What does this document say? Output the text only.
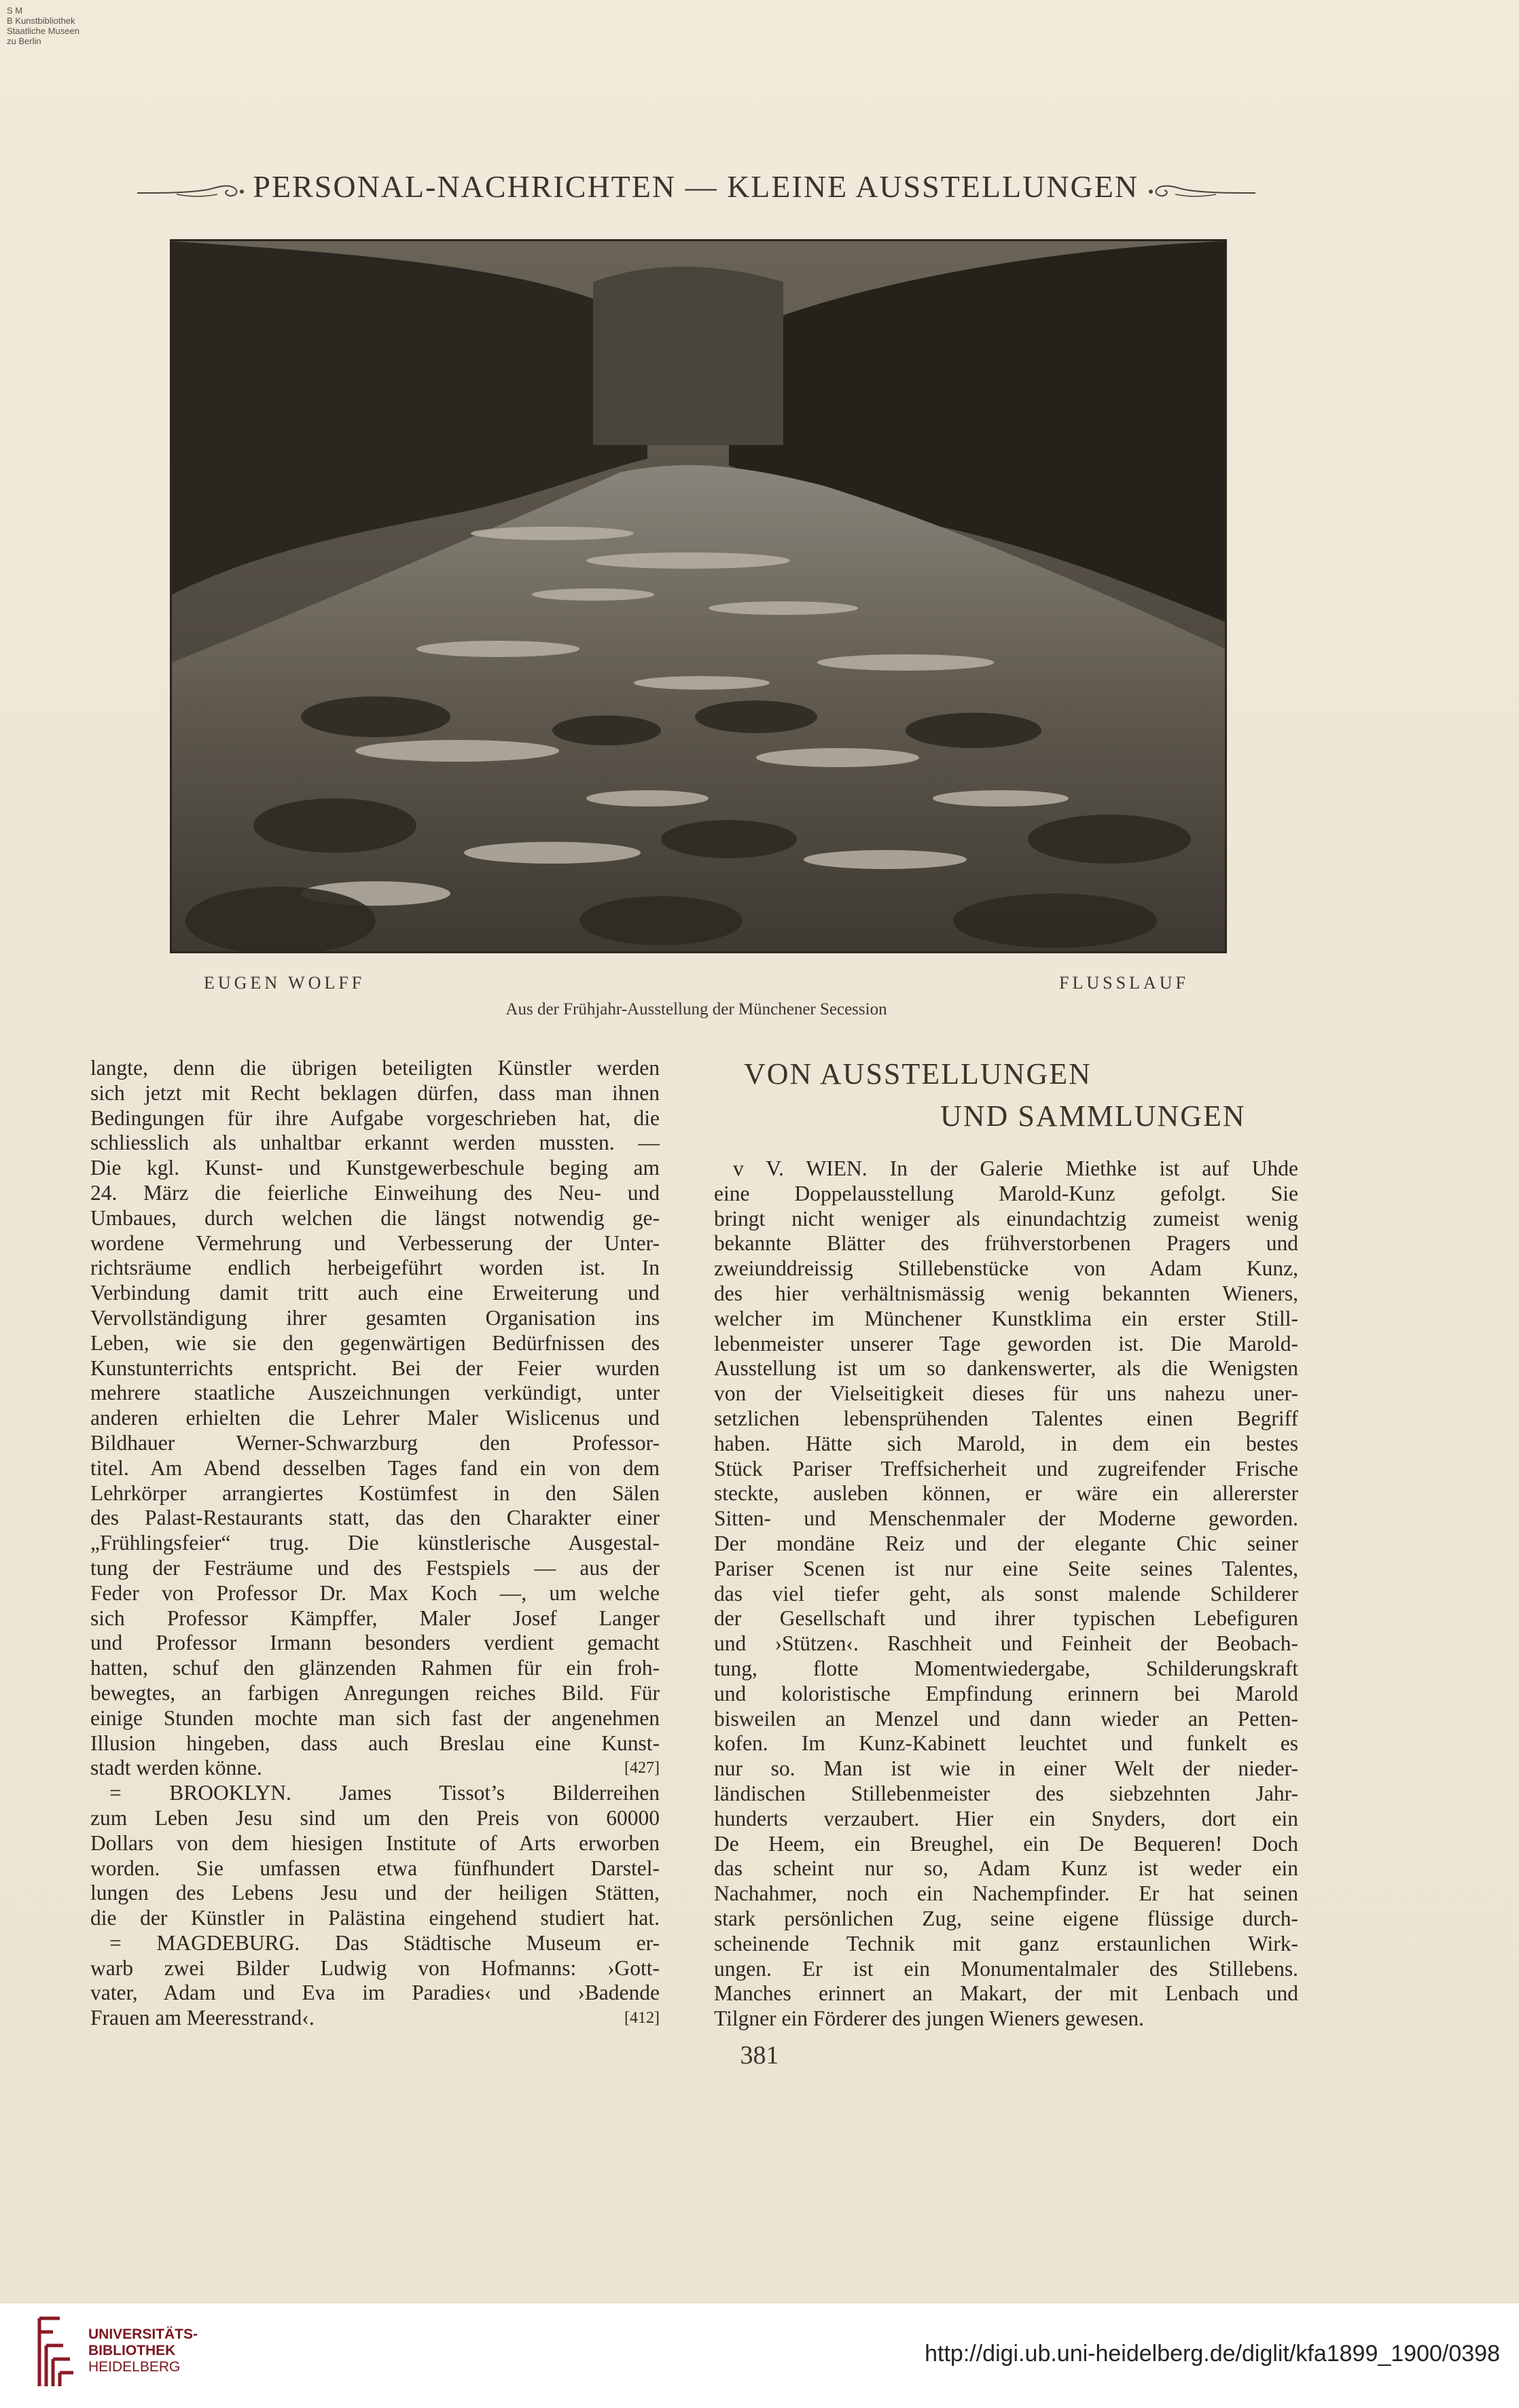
S M
B Kunstbibliothek
Staatliche Museen
zu Berlin
PERSONAL-NACHRICHTEN — KLEINE AUSSTELLUNGEN
EUGEN WOLFF	FLUSSLAUF
Aus der Frühjahr-Ausstellung der Münchener Secession
langte, denn die übrigen beteiligten Künstler werden
sich jetzt mit Recht beklagen dürfen, dass man ihnen
Bedingungen für ihre Aufgabe vorgeschrieben hat, die
schliesslich als unhaltbar erkannt werden mussten. —
Die kgl. Kunst- und Kunstgewerbeschule beging am
24. März die feierliche Einweihung des Neu- und
Umbaues, durch welchen die längst notwendig ge-
wordene Vermehrung und Verbesserung der Unter-
richtsräume endlich herbeigeführt worden ist. In
Verbindung damit tritt auch eine Erweiterung und
Vervollständigung ihrer gesamten Organisation ins
Leben, wie sie den gegenwärtigen Bedürfnissen des
Kunstunterrichts entspricht. Bei der Feier wurden
mehrere staatliche Auszeichnungen verkündigt, unter
anderen erhielten die Lehrer Maler Wislicenus und
Bildhauer Werner-Schwarzburg den Professor-
titel. Am Abend desselben Tages fand ein von dem
Lehrkörper arrangiertes Kostümfest in den Sälen
des Palast-Restaurants statt, das den Charakter einer
„Frühlingsfeier“ trug. Die künstlerische Ausgestal-
tung der Festräume und des Festspiels — aus der
Feder von Professor Dr. Max Koch —, um welche
sich Professor Kämpffer, Maler Josef Langer
und Professor Irmann besonders verdient gemacht
hatten, schuf den glänzenden Rahmen für ein froh-
bewegtes, an farbigen Anregungen reiches Bild. Für
einige Stunden mochte man sich fast der angenehmen
Illusion hingeben, dass auch Breslau eine Kunst-
stadt werden könne.	[427]
= BROOKLYN. James Tissot’s Bilderreihen
zum Leben Jesu sind um den Preis von 60000
Dollars von dem hiesigen Institute of Arts erworben
worden. Sie umfassen etwa fünfhundert Darstel-
lungen des Lebens Jesu und der heiligen Stätten,
die der Künstler in Palästina eingehend studiert hat.
= MAGDEBURG. Das Städtische Museum er-
warb zwei Bilder Ludwig von Hofmanns: ›Gott-
vater, Adam und Eva im Paradies‹ und ›Badende
Frauen am Meeresstrand‹.	[412]
VON AUSSTELLUNGEN
UND SAMMLUNGEN
v V. WIEN. In der Galerie Miethke ist auf Uhde
eine Doppelausstellung Marold-Kunz gefolgt. Sie
bringt nicht weniger als einundachtzig zumeist wenig
bekannte Blätter des frühverstorbenen Pragers und
zweiunddreissig Stillebenstücke von Adam Kunz,
des hier verhältnismässig wenig bekannten Wieners,
welcher im Münchener Kunstklima ein erster Still-
lebenmeister unserer Tage geworden ist. Die Marold-
Ausstellung ist um so dankenswerter, als die Wenigsten
von der Vielseitigkeit dieses für uns nahezu uner-
setzlichen lebensprühenden Talentes einen Begriff
haben. Hätte sich Marold, in dem ein bestes
Stück Pariser Treffsicherheit und zugreifender Frische
steckte, ausleben können, er wäre ein allererster
Sitten- und Menschenmaler der Moderne geworden.
Der mondäne Reiz und der elegante Chic seiner
Pariser Scenen ist nur eine Seite seines Talentes,
das viel tiefer geht, als sonst malende Schilderer
der Gesellschaft und ihrer typischen Lebefiguren
und ›Stützen‹. Raschheit und Feinheit der Beobach-
tung, flotte Momentwiedergabe, Schilderungskraft
und koloristische Empfindung erinnern bei Marold
bisweilen an Menzel und dann wieder an Petten-
kofen. Im Kunz-Kabinett leuchtet und funkelt es
nur so. Man ist wie in einer Welt der nieder-
ländischen Stillebenmeister des siebzehnten Jahr-
hunderts verzaubert. Hier ein Snyders, dort ein
De Heem, ein Breughel, ein De Bequeren! Doch
das scheint nur so, Adam Kunz ist weder ein
Nachahmer, noch ein Nachempfinder. Er hat seinen
stark persönlichen Zug, seine eigene flüssige durch-
scheinende Technik mit ganz erstaunlichen Wirk-
ungen. Er ist ein Monumentalmaler des Stillebens.
Manches erinnert an Makart, der mit Lenbach und
Tilgner ein Förderer des jungen Wieners gewesen.
381
UNIVERSITÄTS-
BIBLIOTHEK
HEIDELBERG
http://digi.ub.uni-heidelberg.de/diglit/kfa1899_1900/0398
